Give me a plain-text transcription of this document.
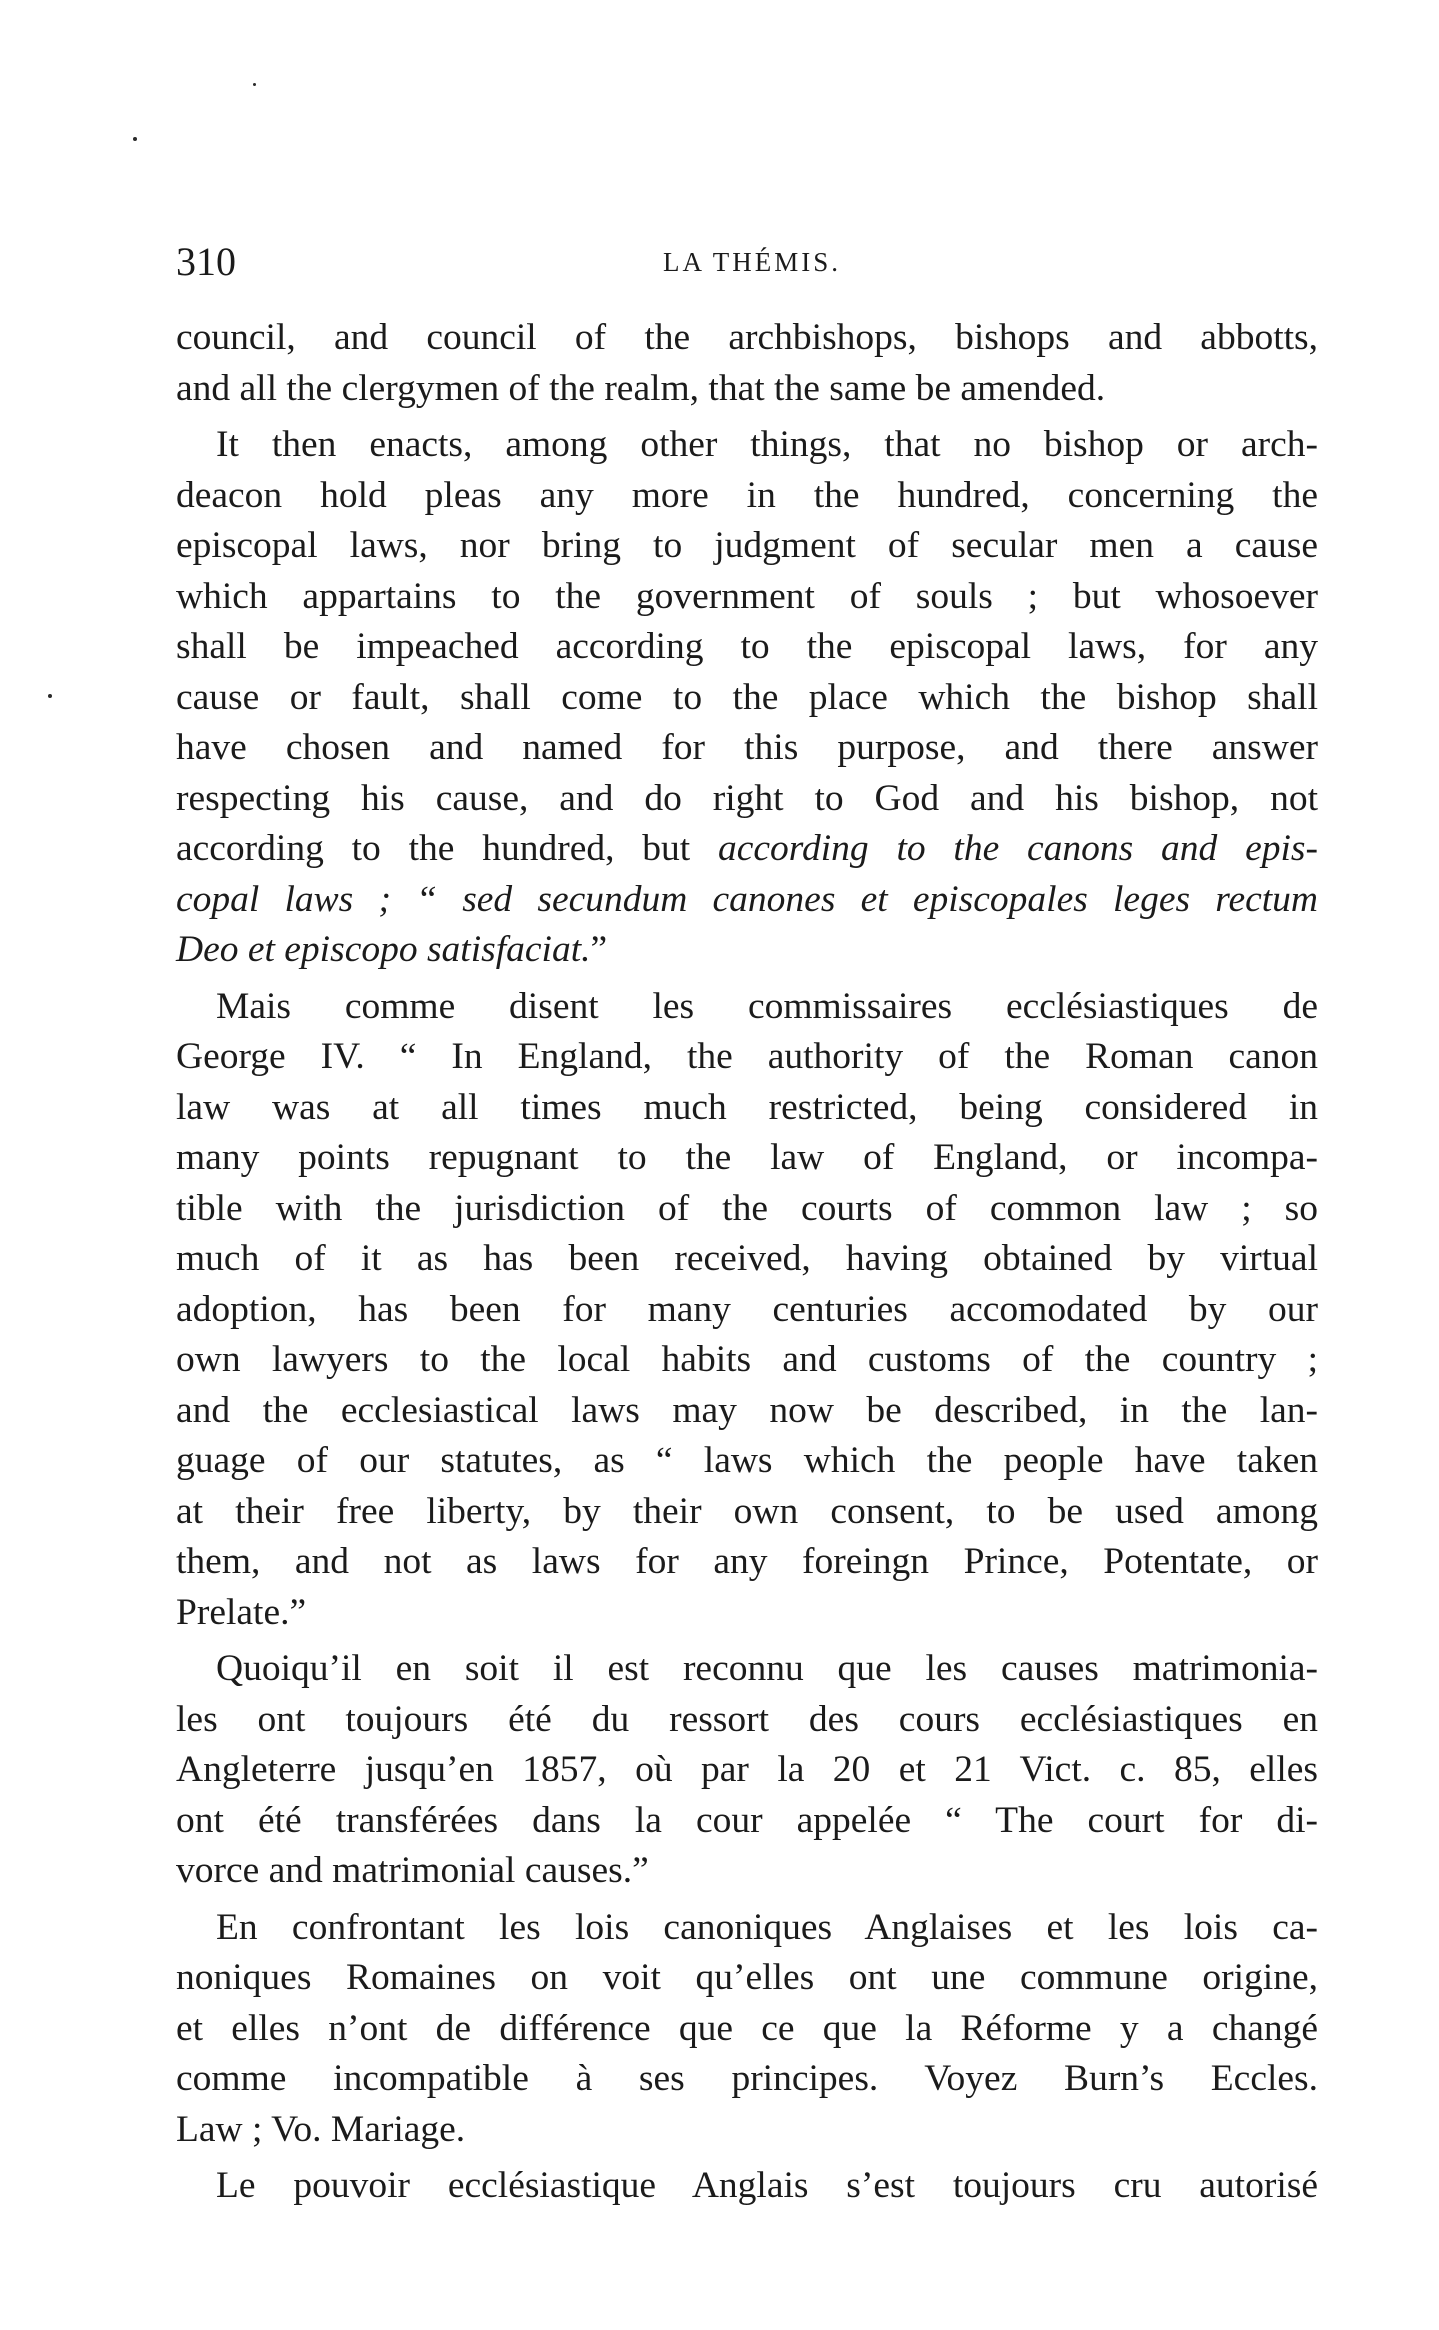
310	LA THÉMIS.
council, and council of the archbishops, bishops and abbotts,
and all the clergymen of the realm, that the same be amended.
It then enacts, among other things, that no bishop or arch-
deacon hold pleas any more in the hundred, concerning the
episcopal laws, nor bring to judgment of secular men a cause
which appartains to the government of souls ; but whosoever
shall be impeached according to the episcopal laws, for any
cause or fault, shall come to the place which the bishop shall
have chosen and named for this purpose, and there answer
respecting his cause, and do right to God and his bishop, not
according to the hundred, but according to the canons and epis-
copal laws ; “ sed secundum canones et episcopales leges rectum
Deo et episcopo satisfaciat.”
Mais comme disent les commissaires ecclésiastiques de
George IV. “ In England, the authority of the Roman canon
law was at all times much restricted, being considered in
many points repugnant to the law of England, or incompa-
tible with the jurisdiction of the courts of common law ; so
much of it as has been received, having obtained by virtual
adoption, has been for many centuries accomodated by our
own lawyers to the local habits and customs of the country ;
and the ecclesiastical laws may now be described, in the lan-
guage of our statutes, as “ laws which the people have taken
at their free liberty, by their own consent, to be used among
them, and not as laws for any foreingn Prince, Potentate, or
Prelate.”
Quoiqu’il en soit il est reconnu que les causes matrimonia-
les ont toujours été du ressort des cours ecclésiastiques en
Angleterre jusqu’en 1857, où par la 20 et 21 Vict. c. 85, elles
ont été transférées dans la cour appelée “ The court for di-
vorce and matrimonial causes.”
En confrontant les lois canoniques Anglaises et les lois ca-
noniques Romaines on voit qu’elles ont une commune origine,
et elles n’ont de différence que ce que la Réforme y a changé
comme incompatible à ses principes. Voyez Burn’s Eccles.
Law ; Vo. Mariage.
Le pouvoir ecclésiastique Anglais s’est toujours cru autorisé
